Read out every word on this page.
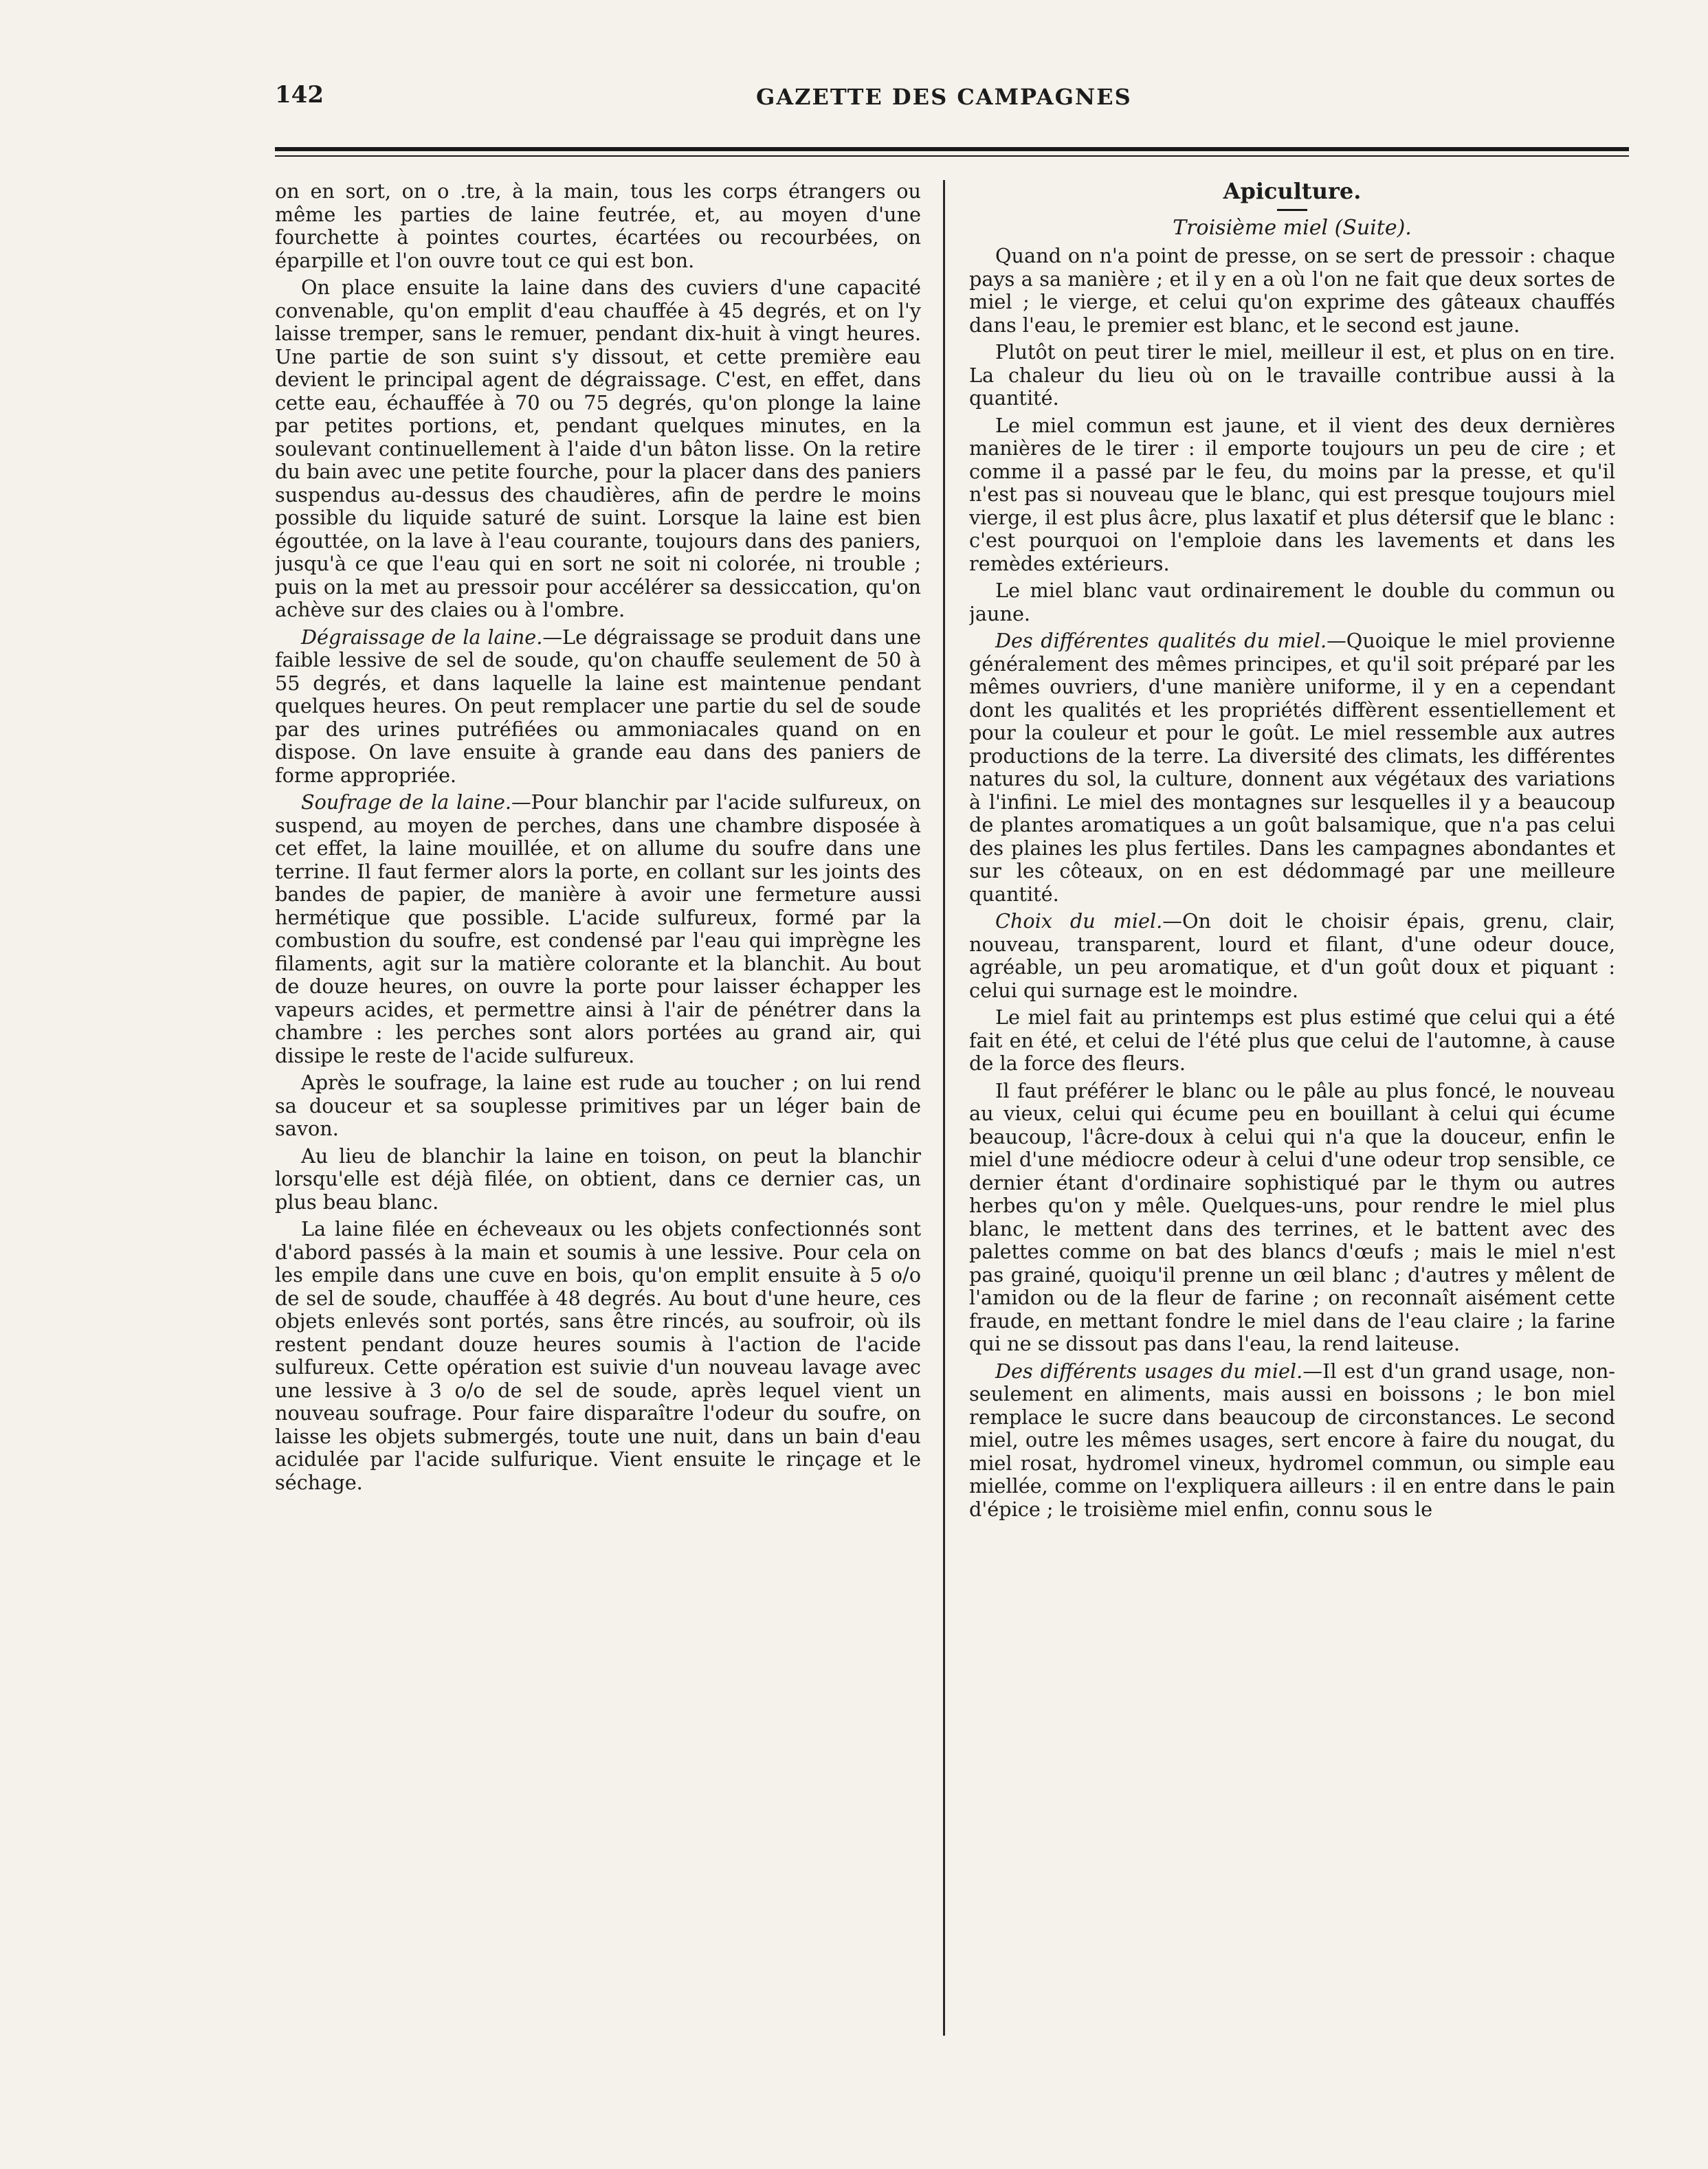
142	GAZETTE DES CAMPAGNES

on en sort, on o .tre, à la main, tous les corps étrangers ou même les parties de laine feutrée, et, au moyen d'une fourchette à pointes courtes, écartées ou recourbées, on éparpille et l'on ouvre tout ce qui est bon.

On place ensuite la laine dans des cuviers d'une capacité convenable, qu'on emplit d'eau chauffée à 45 degrés, et on l'y laisse tremper, sans le remuer, pendant dix-huit à vingt heures. Une partie de son suint s'y dissout, et cette première eau devient le principal agent de dégraissage. C'est, en effet, dans cette eau, échauffée à 70 ou 75 degrés, qu'on plonge la laine par petites portions, et, pendant quelques minutes, en la soulevant continuellement à l'aide d'un bâton lisse. On la retire du bain avec une petite fourche, pour la placer dans des paniers suspendus au-dessus des chaudières, afin de perdre le moins possible du liquide saturé de suint. Lorsque la laine est bien égouttée, on la lave à l'eau courante, toujours dans des paniers, jusqu'à ce que l'eau qui en sort ne soit ni colorée, ni trouble ; puis on la met au pressoir pour accélérer sa dessiccation, qu'on achève sur des claies ou à l'ombre.

Dégraissage de la laine.—Le dégraissage se produit dans une faible lessive de sel de soude, qu'on chauffe seulement de 50 à 55 degrés, et dans laquelle la laine est maintenue pendant quelques heures. On peut remplacer une partie du sel de soude par des urines putréfiées ou ammoniacales quand on en dispose. On lave ensuite à grande eau dans des paniers de forme appropriée.

Soufrage de la laine.—Pour blanchir par l'acide sulfureux, on suspend, au moyen de perches, dans une chambre disposée à cet effet, la laine mouillée, et on allume du soufre dans une terrine. Il faut fermer alors la porte, en collant sur les joints des bandes de papier, de manière à avoir une fermeture aussi hermétique que possible. L'acide sulfureux, formé par la combustion du soufre, est condensé par l'eau qui imprègne les filaments, agit sur la matière colorante et la blanchit. Au bout de douze heures, on ouvre la porte pour laisser échapper les vapeurs acides, et permettre ainsi à l'air de pénétrer dans la chambre : les perches sont alors portées au grand air, qui dissipe le reste de l'acide sulfureux.

Après le soufrage, la laine est rude au toucher ; on lui rend sa douceur et sa souplesse primitives par un léger bain de savon.

Au lieu de blanchir la laine en toison, on peut la blanchir lorsqu'elle est déjà filée, on obtient, dans ce dernier cas, un plus beau blanc.

La laine filée en écheveaux ou les objets confectionnés sont d'abord passés à la main et soumis à une lessive. Pour cela on les empile dans une cuve en bois, qu'on emplit ensuite à 5 o/o de sel de soude, chauffée à 48 degrés. Au bout d'une heure, ces objets enlevés sont portés, sans être rincés, au soufroir, où ils restent pendant douze heures soumis à l'action de l'acide sulfureux. Cette opération est suivie d'un nouveau lavage avec une lessive à 3 o/o de sel de soude, après lequel vient un nouveau soufrage. Pour faire disparaître l'odeur du soufre, on laisse les objets submergés, toute une nuit, dans un bain d'eau acidulée par l'acide sulfurique. Vient ensuite le rinçage et le séchage.

Apiculture.
Troisième miel (Suite).

Quand on n'a point de presse, on se sert de pressoir : chaque pays a sa manière ; et il y en a où l'on ne fait que deux sortes de miel ; le vierge, et celui qu'on exprime des gâteaux chauffés dans l'eau, le premier est blanc, et le second est jaune.

Plutôt on peut tirer le miel, meilleur il est, et plus on en tire. La chaleur du lieu où on le travaille contribue aussi à la quantité.

Le miel commun est jaune, et il vient des deux dernières manières de le tirer : il emporte toujours un peu de cire ; et comme il a passé par le feu, du moins par la presse, et qu'il n'est pas si nouveau que le blanc, qui est presque toujours miel vierge, il est plus âcre, plus laxatif et plus détersif que le blanc : c'est pourquoi on l'emploie dans les lavements et dans les remèdes extérieurs.

Le miel blanc vaut ordinairement le double du commun ou jaune.

Des différentes qualités du miel.—Quoique le miel provienne généralement des mêmes principes, et qu'il soit préparé par les mêmes ouvriers, d'une manière uniforme, il y en a cependant dont les qualités et les propriétés diffèrent essentiellement et pour la couleur et pour le goût. Le miel ressemble aux autres productions de la terre. La diversité des climats, les différentes natures du sol, la culture, donnent aux végétaux des variations à l'infini. Le miel des montagnes sur lesquelles il y a beaucoup de plantes aromatiques a un goût balsamique, que n'a pas celui des plaines les plus fertiles. Dans les campagnes abondantes et sur les côteaux, on en est dédommagé par une meilleure quantité.

Choix du miel.—On doit le choisir épais, grenu, clair, nouveau, transparent, lourd et filant, d'une odeur douce, agréable, un peu aromatique, et d'un goût doux et piquant : celui qui surnage est le moindre.

Le miel fait au printemps est plus estimé que celui qui a été fait en été, et celui de l'été plus que celui de l'automne, à cause de la force des fleurs.

Il faut préférer le blanc ou le pâle au plus foncé, le nouveau au vieux, celui qui écume peu en bouillant à celui qui écume beaucoup, l'âcre-doux à celui qui n'a que la douceur, enfin le miel d'une médiocre odeur à celui d'une odeur trop sensible, ce dernier étant d'ordinaire sophistiqué par le thym ou autres herbes qu'on y mêle. Quelques-uns, pour rendre le miel plus blanc, le mettent dans des terrines, et le battent avec des palettes comme on bat des blancs d'œufs ; mais le miel n'est pas grainé, quoiqu'il prenne un œil blanc ; d'autres y mêlent de l'amidon ou de la fleur de farine ; on reconnaît aisément cette fraude, en mettant fondre le miel dans de l'eau claire ; la farine qui ne se dissout pas dans l'eau, la rend laiteuse.

Des différents usages du miel.—Il est d'un grand usage, non-seulement en aliments, mais aussi en boissons ; le bon miel remplace le sucre dans beaucoup de circonstances. Le second miel, outre les mêmes usages, sert encore à faire du nougat, du miel rosat, hydromel vineux, hydromel commun, ou simple eau miellée, comme on l'expliquera ailleurs : il en entre dans le pain d'épice ; le troisième miel enfin, connu sous le
